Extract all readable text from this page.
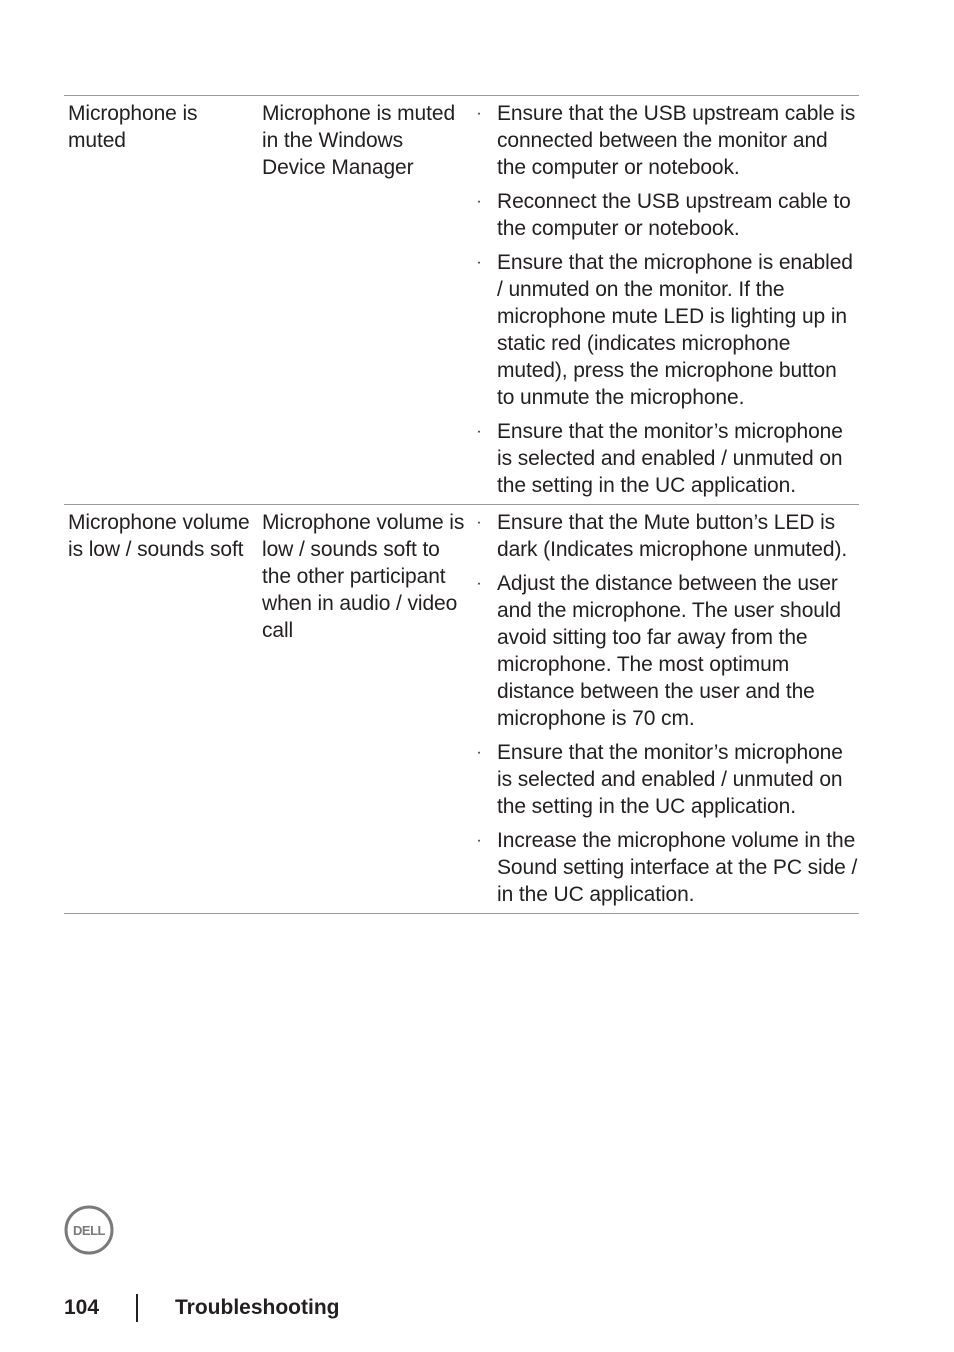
Microphone is muted
Microphone is muted in the Windows Device Manager
· Ensure that the USB upstream cable is connected between the monitor and the computer or notebook.
· Reconnect the USB upstream cable to the computer or notebook.
· Ensure that the microphone is enabled / unmuted on the monitor. If the microphone mute LED is lighting up in static red (indicates microphone muted), press the microphone button to unmute the microphone.
· Ensure that the monitor’s microphone is selected and enabled / unmuted on the setting in the UC application.
Microphone volume is low / sounds soft
Microphone volume is low / sounds soft to the other participant when in audio / video call
· Ensure that the Mute button’s LED is dark (Indicates microphone unmuted).
· Adjust the distance between the user and the microphone. The user should avoid sitting too far away from the microphone. The most optimum distance between the user and the microphone is 70 cm.
· Ensure that the monitor’s microphone is selected and enabled / unmuted on the setting in the UC application.
· Increase the microphone volume in the Sound setting interface at the PC side / in the UC application.
DELL
104	Troubleshooting
